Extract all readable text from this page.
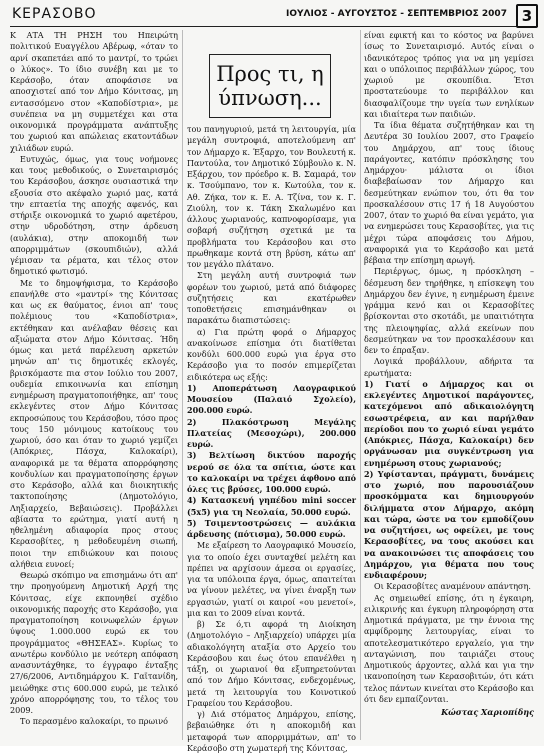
ΚΕΡΑΣΟΒΟ	ΙΟΥΛΙΟΣ - ΑΥΓΟΥΣΤΟΣ - ΣΕΠΤΕΜΒΡΙΟΣ 2007 3
Προς τι, η ύπνωση...

Κ ΑΤΑ ΤΗ ΡΗΣΗ του Ηπειρώτη πολιτικού Ευαγγέλου Αβέρωφ, «όταν το αρνί σκαπετάει από το μαντρί, το τρώει ο λύκος». Το ίδιο συνέβη και με το Κεράσοβο, όταν αποφάσισε να αποσχιστεί από τον Δήμο Κόνιτσας, μη εντασσόμενο στον «Καποδίστρια», με συνέπεια να μη συμμετέχει και στα οικονομικά προγράμματα ανάπτυξης του χωριού και απώλειας εκατοντάδων χιλιάδων ευρώ.

Ευτυχώς, όμως, για τους νοήμονες και τους μεθοδικούς, ο Συνεταιρισμός του Κεράσοβου, άσκησε ουσιαστικά την εξουσία στο ακέφαλο χωριό μας, κατά την επταετία της αποχής αφενός, και στήριξε οικονομικά το χωριό αφετέρου, στην υδροδότηση, στην άρδευση (αυλάκια), στην αποκομιδή των απορριμμάτων (σκουπιδιών), αλλά γέμισαν τα ρέματα, και τέλος στον δημοτικό φωτισμό.

Με το δημοψήφισμα, το Κεράσοβο επανήλθε στο «μαντρί» της Κόνιτσας και ως εκ θαύματος, ένιοι απ' τους πολέμιους του «Καποδίστρια», εκτέθηκαν και ανέλαβαν θέσεις και αξιώματα στον Δήμο Κόνιτσας. Ήδη όμως και μετά παρέλευση αρκετών μηνών απ' τις δημοτικές εκλογές, βρισκόμαστε πια στον Ιούλιο του 2007, ουδεμία επικοινωνία και επίσημη ενημέρωση πραγματοποιήθηκε, απ' τους εκλεγέντες στον Δήμο Κόνιτσας εκπροσώπους του Κεράσοβου, τόσο προς τους 150 μόνιμους κατοίκους του χωριού, όσο και όταν το χωριό γεμίζει (Απόκριες, Πάσχα, Καλοκαίρι), αναφορικά με τα θέματα απορρόφησης κονδυλίων και πραγματοποίησης έργων στο Κεράσοβο, αλλά και διοικητικής τακτοποίησης (Δημοτολόγιο, Ληξιαρχείο, Βεβαιώσεις). Προβάλλει αβίαστα το ερώτημα, γιατί αυτή η ηθελημένη αδιαφορία προς στους Κερασοβίτες, η μεθοδευμένη σιωπή, ποιοι την επιδιώκουν και ποιους αλήθεια ευνοεί;

Θεωρώ σκόπιμο να επισημάνω ότι απ' την προηγούμενη Δημοτική Αρχή της Κόνιτσας, είχε εκπονηθεί σχέδιο οικονομικής παροχής στο Κεράσοβο, για πραγματοποίηση κοινωφελών έργων ύψους 1.000.000 ευρώ εκ του προγράμματος «ΘΗΣΕΑΣ». Κυρίως το ανωτέρω κονδύλιο με νεότερη απόφαση ανασυντάχθηκε, το έγγραφο ένταξης 27/6/2006, Αντιδημάρχου Κ. Γαϊτανίδη, μειώθηκε στις 600.000 ευρώ, με τελικό χρόνο απορρόφησης του, το τέλος του 2009.

Το περασμένο καλοκαίρι, το πρωινό

του πανηγυριού, μετά τη λειτουργία, μία μεγάλη συντροφιά, αποτελούμενη απ' τον Δήμαρχο κ. Έξαρχο, τον Βουλευτή κ. Παντούλα, τον Δημοτικό Σύμβουλο κ. Ν. Εξάρχου, τον πρόεδρο κ. Β. Σαμαρά, τον κ. Τσούμπανο, τον κ. Κωτούλα, τον κ. Αθ. Ζήκα, τον κ. Ε. Α. Τζίνα, τον κ. Γ. Ζιούλη, τον κ. Τάκη Σκαλωμένο και άλλους χωριανούς, καπνοφορίσαμε, για σοβαρή συζήτηση σχετικά με τα προβλήματα του Κεράσοβου και στο πρωθηκαμε κοντά στη βρύση, κάτω απ' τον μεγάλο πλάτανο.

Στη μεγάλη αυτή συντροφιά των φορέων του χωριού, μετά από διάφορες συζητήσεις και εκατέρωθεν τοποθετήσεις επισημάνθηκαν οι παρακάτω διαπιστώσεις:

α) Για πρώτη φορά ο Δήμαρχος ανακοίνωσε επίσημα ότι διατίθεται κονδύλι 600.000 ευρώ για έργα στο Κεράσοβο για το ποσόν επιμερίζεται ειδικότερα ως εξής:

1) Αποπεράτωση Λαογραφικού Μουσείου (Παλαιό Σχολείο), 200.000 ευρώ.

2) Πλακόστρωση Μεγάλης Πλατείας (Μεσοχώρι), 200.000 ευρώ.

3) Βελτίωση δικτύου παροχής νερού σε όλα τα σπίτια, ώστε και το καλοκαίρι να τρέχει άφθονο από όλες τις βρύσες, 100.000 ευρώ.

4) Κατασκευή γηπέδου mini soccer (5x5) για τη Νεολαία, 50.000 ευρώ.

5) Τσιμεντοστρώσεις — αυλάκια άρδευσης (πότισμα), 50.000 ευρώ.

Με εξαίρεση το Λαογραφικό Μουσείο, για το οποίο έχει συνταχθεί μελέτη και πρέπει να αρχίσουν άμεσα οι εργασίες, για τα υπόλοιπα έργα, όμως, απαιτείται να γίνουν μελέτες, να γίνει έναρξη των εργασιών, γιατί οι καιροί «ου μενετοί», μια και το 2009 είναι κοντά.

β) Σε ό,τι αφορά τη Διοίκηση (Δημοτολόγιο – Ληξιαρχείο) υπάρχει μία αδιακολόγητη αταξία στο Αρχείο του Κεράσοβου και έως ότου επανέλθει η τάξη, οι χωριανοί θα εξυπηρετούνται από τον Δήμο Κόνιτσας, ενδεχομένως, μετά τη λειτουργία του Κοινοτικού Γραφείου του Κεράσοβου.

γ) Διά στόματος Δημάρχου, επίσης, βεβαιώθηκε ότι η αποκομιδή και μεταφορά των απορριμμάτων, απ' το Κεράσοβο στη χωματερή της Κόνιτσας,

είναι εφικτή και το κόστος να βαρύνει ίσως το Συνεταιρισμό. Αυτός είναι ο ιδανικότερος τρόπος για να μη γεμίσει και ο υπόλοιπος περιβάλλων χώρος, του χωριού με σκουπίδια. Έτσι προστατεύουμε το περιβάλλον και διασφαλίζουμε την υγεία των ενηλίκων και ιδιαίτερα των παιδιών.

Τα ίδια θέματα συζητήθηκαν και τη Δευτέρα 30 Ιουλίου 2007, στο Γραφείο του Δημάρχου, απ' τους ίδιους παράγοντες, κατόπιν πρόσκλησης του Δημάρχου· μάλιστα οι ίδιοι διαβεβαίωσαν τον Δήμαρχο και δεσμεύτηκαν ενώπιον του, ότι θα τον προσκαλέσουν στις 17 ή 18 Αυγούστου 2007, όταν το χωριό θα είναι γεμάτο, για να ενημερώσει τους Κερασοβίτες, για τις μέχρι τώρα αποφάσεις του Δήμου, αναφορικά για το Κεράσοβο και μετά βέβαια την επίσημη αρωγή.

Περιέργως, όμως, η πρόσκληση – δέσμευση δεν τηρήθηκε, η επίσκεψη του Δημάρχου δεν έγινε, η ενημέρωση έμεινε γράμμα κενό και οι Κερασοβίτες βρίσκονται στο σκοτάδι, με υπαιτιότητα της πλειοψηφίας, αλλά εκείνων που δεσμεύτηκαν να τον προσκαλέσουν και δεν το έπραξαν.

Λογικά προβάλλουν, αδήριτα τα ερωτήματα:

1) Γιατί ο Δήμαρχος και οι εκλεγέντες Δημοτικοί παράγοντες, κατεχόμενοι από αδικαιολόγητη εσωστρέφεια, αν και παρήλθαν περίοδοι που το χωριό είναι γεμάτο (Απόκριες, Πάσχα, Καλοκαίρι) δεν οργάνωσαν μια συγκέντρωση για ενημέρωση στους χωριανούς;

2) Υφίστανται, πράγματι, δυνάμεις στο χωριό, που παρουσιάζουν προσκόμματα και δημιουργούν διλήμματα στον Δήμαρχο, ακόμη και τώρα, ώστε να τον εμποδίζουν να συζητήσει, ως οφείλει, με τους Κερασοβίτες, να τους ακούσει και να ανακοινώσει τις αποφάσεις του Δημάρχου, για θέματα που τους ενδιαφέρουν;

Οι Κερασοβίτες αναμένουν απάντηση.

Ας σημειωθεί επίσης, ότι η έγκαιρη, ειλικρινής και έγκυρη πληροφόρηση στα Δημοτικά πράγματα, με την έννοια της αμφίδρομης λειτουργίας, είναι το αποτελεσματικότερο εργαλείο, για την ανταγώνιση, που ταιριάζει στους Δημοτικούς άρχοντες, αλλά και για την ικανοποίηση των Κερασοβιτών, ότι κάτι τελος πάντων κινείται στο Κεράσοβο και ότι δεν εμπαίζονται.

Κώστας Χαριοπίδης
